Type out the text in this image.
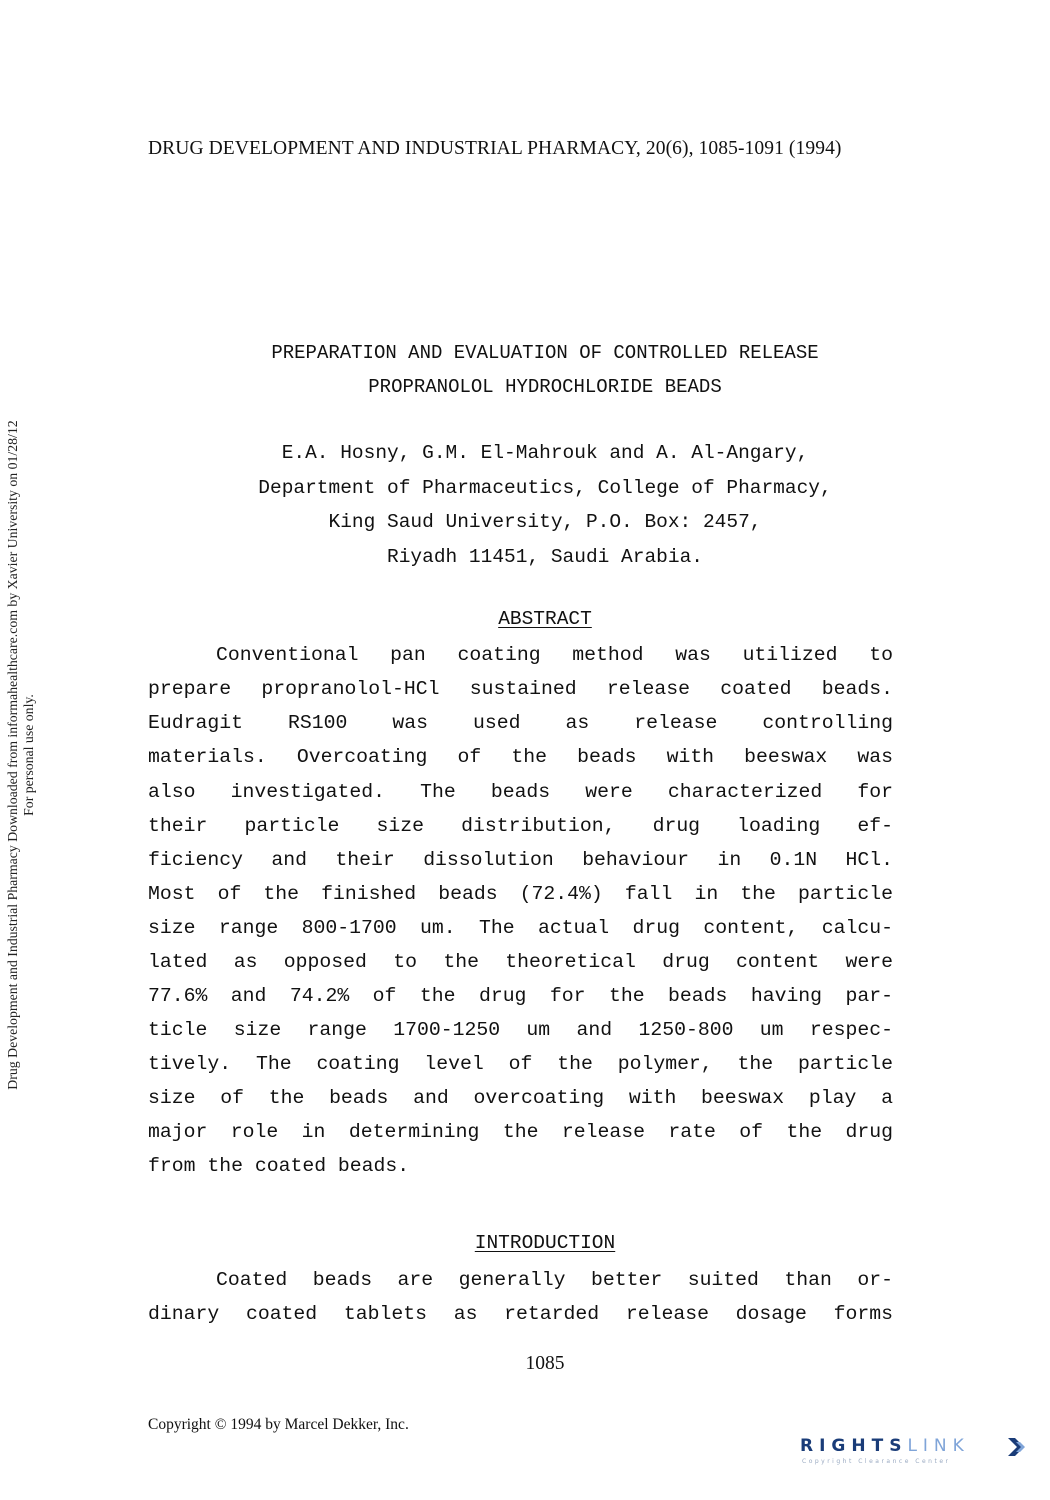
DRUG DEVELOPMENT AND INDUSTRIAL PHARMACY, 20(6), 1085-1091 (1994)
Drug Development and Industrial Pharmacy Downloaded from informahealthcare.com by Xavier University on 01/28/12 For personal use only.
PREPARATION AND EVALUATION OF CONTROLLED RELEASE
PROPRANOLOL HYDROCHLORIDE BEADS
E.A. Hosny, G.M. El-Mahrouk and A. Al-Angary,
Department of Pharmaceutics, College of Pharmacy,
King Saud University, P.O. Box: 2457,
Riyadh 11451, Saudi Arabia.
ABSTRACT
Conventional pan coating method was utilized to
prepare propranolol-HCl sustained release coated beads.
Eudragit RS100 was used as release controlling
materials. Overcoating of the beads with beeswax was
also investigated. The beads were characterized for
their particle size distribution, drug loading ef-
ficiency and their dissolution behaviour in 0.1N HCl.
Most of the finished beads (72.4%) fall in the particle
size range 800-1700 um. The actual drug content, calcu-
lated as opposed to the theoretical drug content were
77.6% and 74.2% of the drug for the beads having par-
ticle size range 1700-1250 um and 1250-800 um respec-
tively. The coating level of the polymer, the particle
size of the beads and overcoating with beeswax play a
major role in determining the release rate of the drug
from the coated beads.
INTRODUCTION
Coated beads are generally better suited than or-
dinary coated tablets as retarded release dosage forms
1085
Copyright © 1994 by Marcel Dekker, Inc.
RIGHTSLINK
Copyright Clearance Center
